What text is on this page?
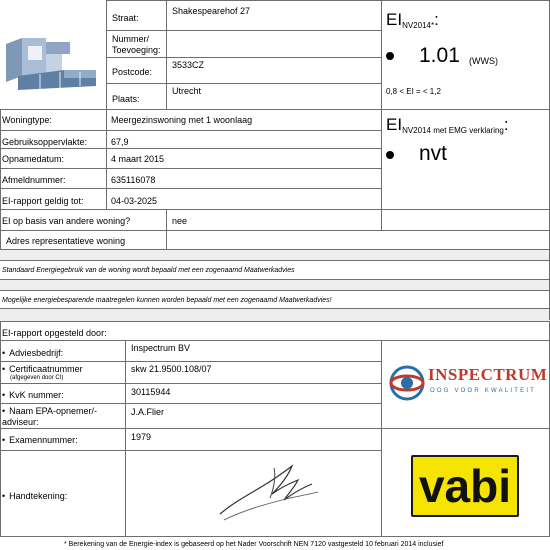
Straat:
Shakespearehof 27
Nummer/
Toevoeging:
Postcode:
3533CZ
Plaats:
Utrecht
$EI_{NV2014*}$:
1.01 (WWS)
0,8 < EI = < 1,2
$EI_{NV2014 met EMG verklaring}$:
nvt
Woningtype:	Meergezinswoning met 1 woonlaag
Gebruiksoppervlakte:	67,9
Opnamedatum:	4 maart 2015
Afmeldnummer:	635116078
EI-rapport geldig tot:	04-03-2025
EI op basis van andere woning?	nee
Adres representatieve woning
Standaard Energiegebruik van de woning wordt bepaald met een zogenaamd Maatwerkadvies
Mogelijke energiebesparende maatregelen kunnen worden bepaald met een zogenaamd Maatwerkadvies!
EI-rapport opgesteld door:
• Adviesbedrijf:	Inspectrum BV
• Certificaatnummer
(afgegeven door CI)
skw 21.9500.108/07
• KvK nummer:	30115944
• Naam EPA-opnemer/-
adviseur:
J.A.Flier
• Examennummer:	1979
• Handtekening:
INSPECTRUM
OOG VOOR KWALITEIT
vabi
* Berekening van de Energie-index is gebaseerd op het Nader Voorschrift NEN 7120 vastgesteld 10 februari 2014 inclusief
